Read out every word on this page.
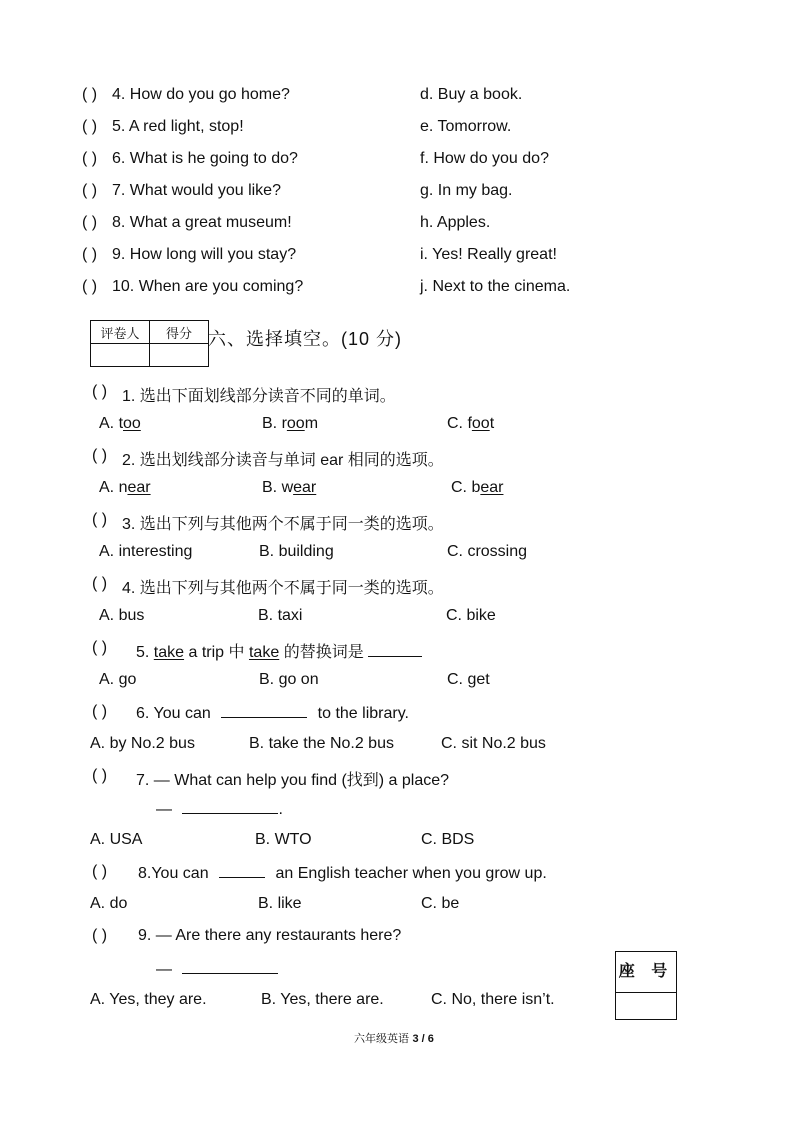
( ) 4. How do you go home?	d. Buy a book.
( ) 5. A red light, stop!	e. Tomorrow.
( ) 6. What is he going to do?	f. How do you do?
( ) 7. What would you like?	g. In my bag.
( ) 8. What a great museum!	h. Apples.
( ) 9. How long will you stay?	i. Yes! Really great!
( ) 10. When are you coming?	j. Next to the cinema.
评卷人	得分
	六、选择填空。(10 分)
( ) 1. 选出下面划线部分读音不同的单词。
A. too	B. room	C. foot
( ) 2. 选出划线部分读音与单词 ear 相同的选项。
A. near	B. wear	C. bear
( ) 3. 选出下列与其他两个不属于同一类的选项。
A. interesting	B. building	C. crossing
( ) 4. 选出下列与其他两个不属于同一类的选项。
A. bus	B. taxi	C. bike
( ) 5. take a trip 中 take 的替换词是
A. go	B. go on	C. get
( ) 6. You can	to the library.
A. by No.2 bus	B. take the No.2 bus	C. sit No.2 bus
( ) 7. — What can help you find (找到) a place?
—	.
A. USA	B. WTO	C. BDS
( ) 8.You can	an English teacher when you grow up.
A. do	B. like	C. be
( ) 9. — Are there any restaurants here?
—
A. Yes, they are.	B. Yes, there are.	C. No, there isn’t.
座 号
六年级英语 3 / 6
